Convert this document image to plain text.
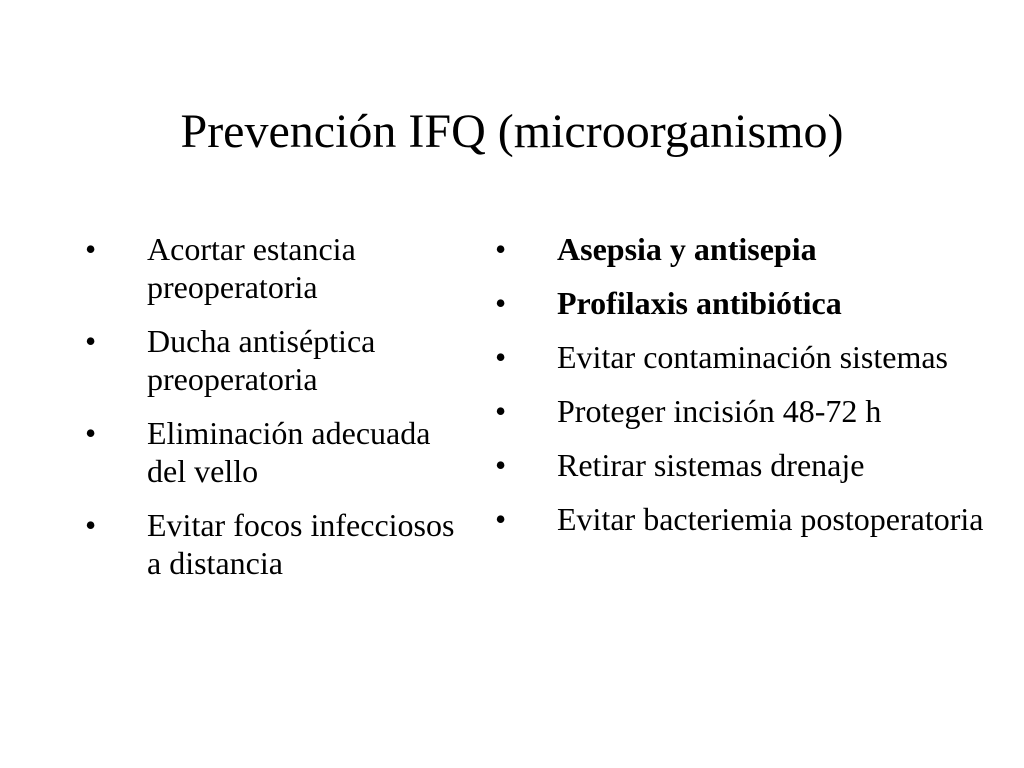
Prevención IFQ (microorganismo)
• Acortar estancia preoperatoria
• Ducha antiséptica preoperatoria
• Eliminación adecuada del vello
• Evitar focos infecciosos a distancia
• Asepsia y antisepia
• Profilaxis antibiótica
• Evitar contaminación sistemas
• Proteger incisión 48-72 h
• Retirar sistemas drenaje
• Evitar bacteriemia postoperatoria
